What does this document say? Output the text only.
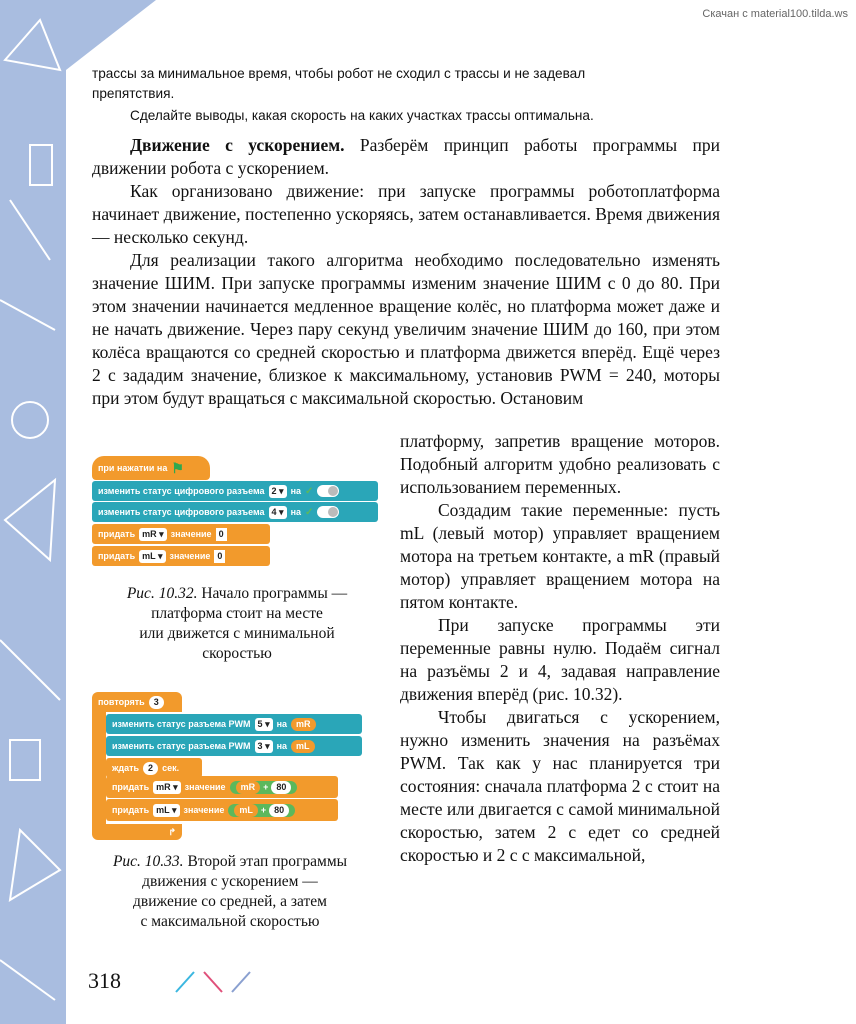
Скачан с material100.tilda.ws
трассы за минимальное время, чтобы робот не сходил с трассы и не задевал
препятствия.
Сделайте выводы, какая скорость на каких участках трассы оптимальна.

Движение с ускорением. Разберём принцип работы программы при движении робота с ускорением.

Как организовано движение: при запуске программы роботоплатформа начинает движение, постепенно ускоряясь, затем останавливается. Время движения — несколько секунд.

Для реализации такого алгоритма необходимо последовательно изменять значение ШИМ. При запуске программы изменим значение ШИМ с 0 до 80. При этом значении начинается медленное вращение колёс, но платформа может даже и не начать движение. Через пару секунд увеличим значение ШИМ до 160, при этом колёса вращаются со средней скоростью и платформа движется вперёд. Ещё через 2 с зададим значение, близкое к максимальному, установив PWM = 240, моторы при этом будут вращаться с максимальной скоростью. Остановим

платформу, запретив вращение моторов. Подобный алгоритм удобно реализовать с использованием переменных.

Создадим такие переменные: пусть mL (левый мотор) управляет вращением мотора на третьем контакте, а mR (правый мотор) управляет вращением мотора на пятом контакте.

При запуске программы эти переменные равны нулю. Подаём сигнал на разъёмы 2 и 4, задавая направление движения вперёд (рис. 10.32).

Чтобы двигаться с ускорением, нужно изменить значения на разъёмах PWM. Так как у нас планируется три состояния: сначала платформа 2 с стоит на месте или двигается с самой минимальной скоростью, затем 2 с едет со средней скоростью и 2 с с максимальной,

при нажатии на ⚑
изменить статус цифрового разъема 2 ▾ на ✓
изменить статус цифрового разъема 4 ▾ на ✓
придать mR ▾ значение 0
придать mL ▾ значение 0
Рис. 10.32. Начало программы —
платформа стоит на месте
или движется с минимальной
скоростью
повторять	3
изменить статус разъема PWM 5 ▾ на	mR
изменить статус разъема PWM 3 ▾ на	mL
ждать	2	сек.
придать mR ▾ значение	mR + 80
придать mL ▾ значение	mL + 80
↱
Рис. 10.33. Второй этап программы
движения с ускорением —
движение со средней, а затем
с максимальной скоростью
318
